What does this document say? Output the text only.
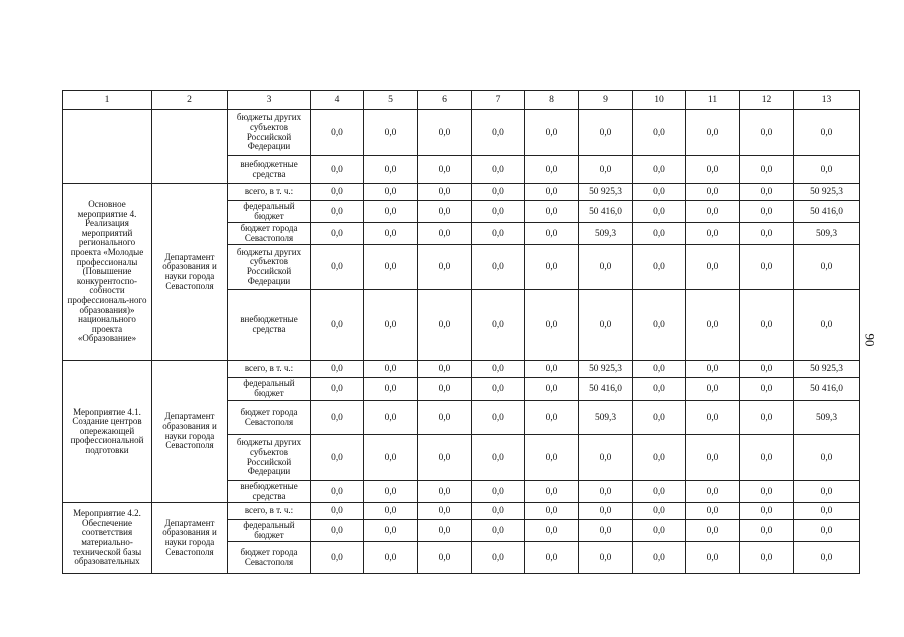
1	2	3	4	5	6	7	8	9	10	11	12	13
		бюджеты других субъектов Российской Федерации	0,0	0,0	0,0	0,0	0,0	0,0	0,0	0,0	0,0	0,0
		внебюджетные средства	0,0	0,0	0,0	0,0	0,0	0,0	0,0	0,0	0,0	0,0
Основное мероприятие 4. Реализация мероприятий регионального проекта «Молодые профессионалы (Повышение конкурентоспо-собности профессиональ-ного образования)» национального проекта «Образование»	Департамент образования и науки города Севастополя	всего, в т. ч.:	0,0	0,0	0,0	0,0	0,0	50 925,3	0,0	0,0	0,0	50 925,3
		федеральный бюджет	0,0	0,0	0,0	0,0	0,0	50 416,0	0,0	0,0	0,0	50 416,0
		бюджет города Севастополя	0,0	0,0	0,0	0,0	0,0	509,3	0,0	0,0	0,0	509,3
		бюджеты других субъектов Российской Федерации	0,0	0,0	0,0	0,0	0,0	0,0	0,0	0,0	0,0	0,0
		внебюджетные средства	0,0	0,0	0,0	0,0	0,0	0,0	0,0	0,0	0,0	0,0
Мероприятие 4.1. Создание центров опережающей профессиональной подготовки	Департамент образования и науки города Севастополя	всего, в т. ч.:	0,0	0,0	0,0	0,0	0,0	50 925,3	0,0	0,0	0,0	50 925,3
		федеральный бюджет	0,0	0,0	0,0	0,0	0,0	50 416,0	0,0	0,0	0,0	50 416,0
		бюджет города Севастополя	0,0	0,0	0,0	0,0	0,0	509,3	0,0	0,0	0,0	509,3
		бюджеты других субъектов Российской Федерации	0,0	0,0	0,0	0,0	0,0	0,0	0,0	0,0	0,0	0,0
		внебюджетные средства	0,0	0,0	0,0	0,0	0,0	0,0	0,0	0,0	0,0	0,0
Мероприятие 4.2. Обеспечение соответствия материально-технической базы образовательных	Департамент образования и науки города Севастополя	всего, в т. ч.:	0,0	0,0	0,0	0,0	0,0	0,0	0,0	0,0	0,0	0,0
		федеральный бюджет	0,0	0,0	0,0	0,0	0,0	0,0	0,0	0,0	0,0	0,0
		бюджет города Севастополя	0,0	0,0	0,0	0,0	0,0	0,0	0,0	0,0	0,0	0,0
90
